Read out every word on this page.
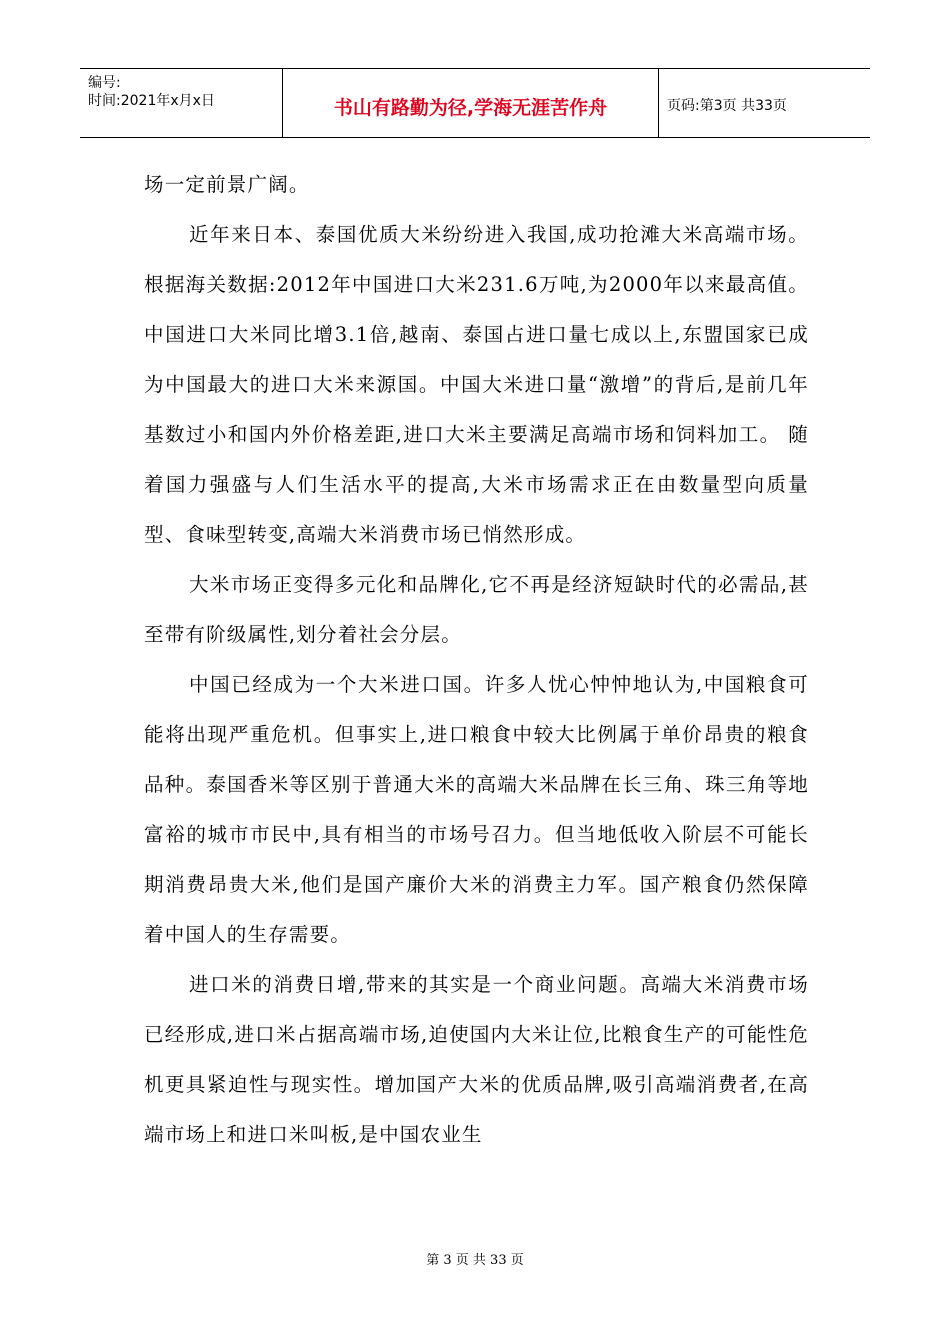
编号:
时间:2021年x月x日	书山有路勤为径,学海无涯苦作舟	页码:第3页 共33页

场一定前景广阔。

近年来日本、泰国优质大米纷纷进入我国,成功抢滩大米高端市场。根据海关数据:2012年中国进口大米231.6万吨,为2000年以来最高值。中国进口大米同比增3.1倍,越南、泰国占进口量七成以上,东盟国家已成为中国最大的进口大米来源国。中国大米进口量“激增”的背后,是前几年基数过小和国内外价格差距,进口大米主要满足高端市场和饲料加工。 随着国力强盛与人们生活水平的提高,大米市场需求正在由数量型向质量型、食味型转变,高端大米消费市场已悄然形成。

大米市场正变得多元化和品牌化,它不再是经济短缺时代的必需品,甚至带有阶级属性,划分着社会分层。

中国已经成为一个大米进口国。许多人忧心忡忡地认为,中国粮食可能将出现严重危机。但事实上,进口粮食中较大比例属于单价昂贵的粮食品种。泰国香米等区别于普通大米的高端大米品牌在长三角、珠三角等地富裕的城市市民中,具有相当的市场号召力。但当地低收入阶层不可能长期消费昂贵大米,他们是国产廉价大米的消费主力军。国产粮食仍然保障着中国人的生存需要。

进口米的消费日增,带来的其实是一个商业问题。高端大米消费市场已经形成,进口米占据高端市场,迫使国内大米让位,比粮食生产的可能性危机更具紧迫性与现实性。增加国产大米的优质品牌,吸引高端消费者,在高端市场上和进口米叫板,是中国农业生

第 3 页 共 33 页
